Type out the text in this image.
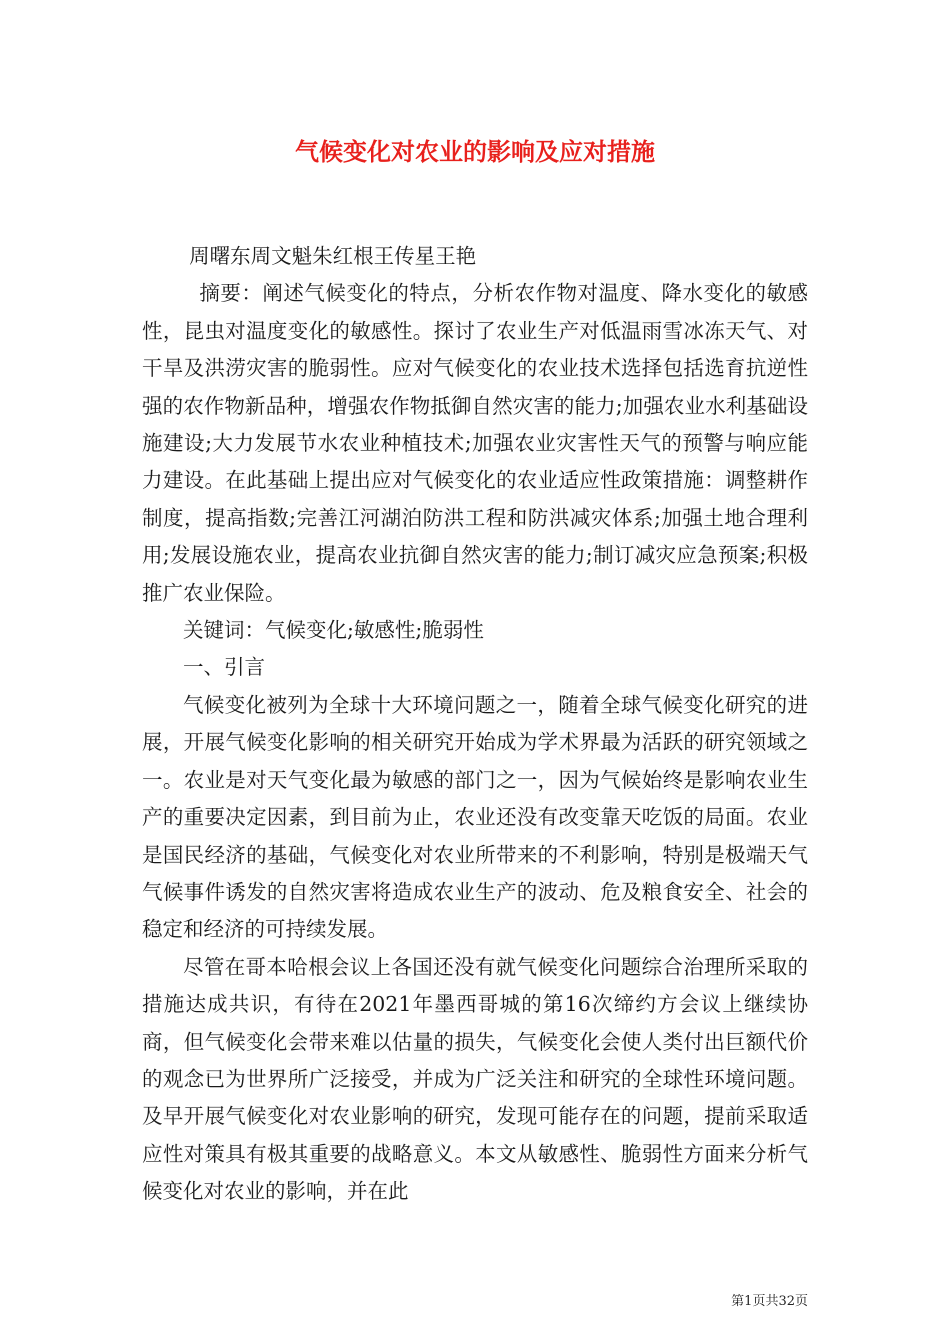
气候变化对农业的影响及应对措施

周曙东周文魁朱红根王传星王艳

摘要：阐述气候变化的特点，分析农作物对温度、降水变化的敏感性，昆虫对温度变化的敏感性。探讨了农业生产对低温雨雪冰冻天气、对干旱及洪涝灾害的脆弱性。应对气候变化的农业技术选择包括选育抗逆性强的农作物新品种，增强农作物抵御自然灾害的能力;加强农业水利基础设施建设;大力发展节水农业种植技术;加强农业灾害性天气的预警与响应能力建设。在此基础上提出应对气候变化的农业适应性政策措施：调整耕作制度，提高指数;完善江河湖泊防洪工程和防洪减灾体系;加强土地合理利用;发展设施农业，提高农业抗御自然灾害的能力;制订减灾应急预案;积极推广农业保险。

关键词：气候变化;敏感性;脆弱性

一、引言

气候变化被列为全球十大环境问题之一，随着全球气候变化研究的进展，开展气候变化影响的相关研究开始成为学术界最为活跃的研究领域之一。农业是对天气变化最为敏感的部门之一，因为气候始终是影响农业生产的重要决定因素，到目前为止，农业还没有改变靠天吃饭的局面。农业是国民经济的基础，气候变化对农业所带来的不利影响，特别是极端天气气候事件诱发的自然灾害将造成农业生产的波动、危及粮食安全、社会的稳定和经济的可持续发展。

尽管在哥本哈根会议上各国还没有就气候变化问题综合治理所采取的措施达成共识，有待在2021年墨西哥城的第16次缔约方会议上继续协商，但气候变化会带来难以估量的损失，气候变化会使人类付出巨额代价的观念已为世界所广泛接受，并成为广泛关注和研究的全球性环境问题。及早开展气候变化对农业影响的研究，发现可能存在的问题，提前采取适应性对策具有极其重要的战略意义。本文从敏感性、脆弱性方面来分析气候变化对农业的影响，并在此

第1页共32页
